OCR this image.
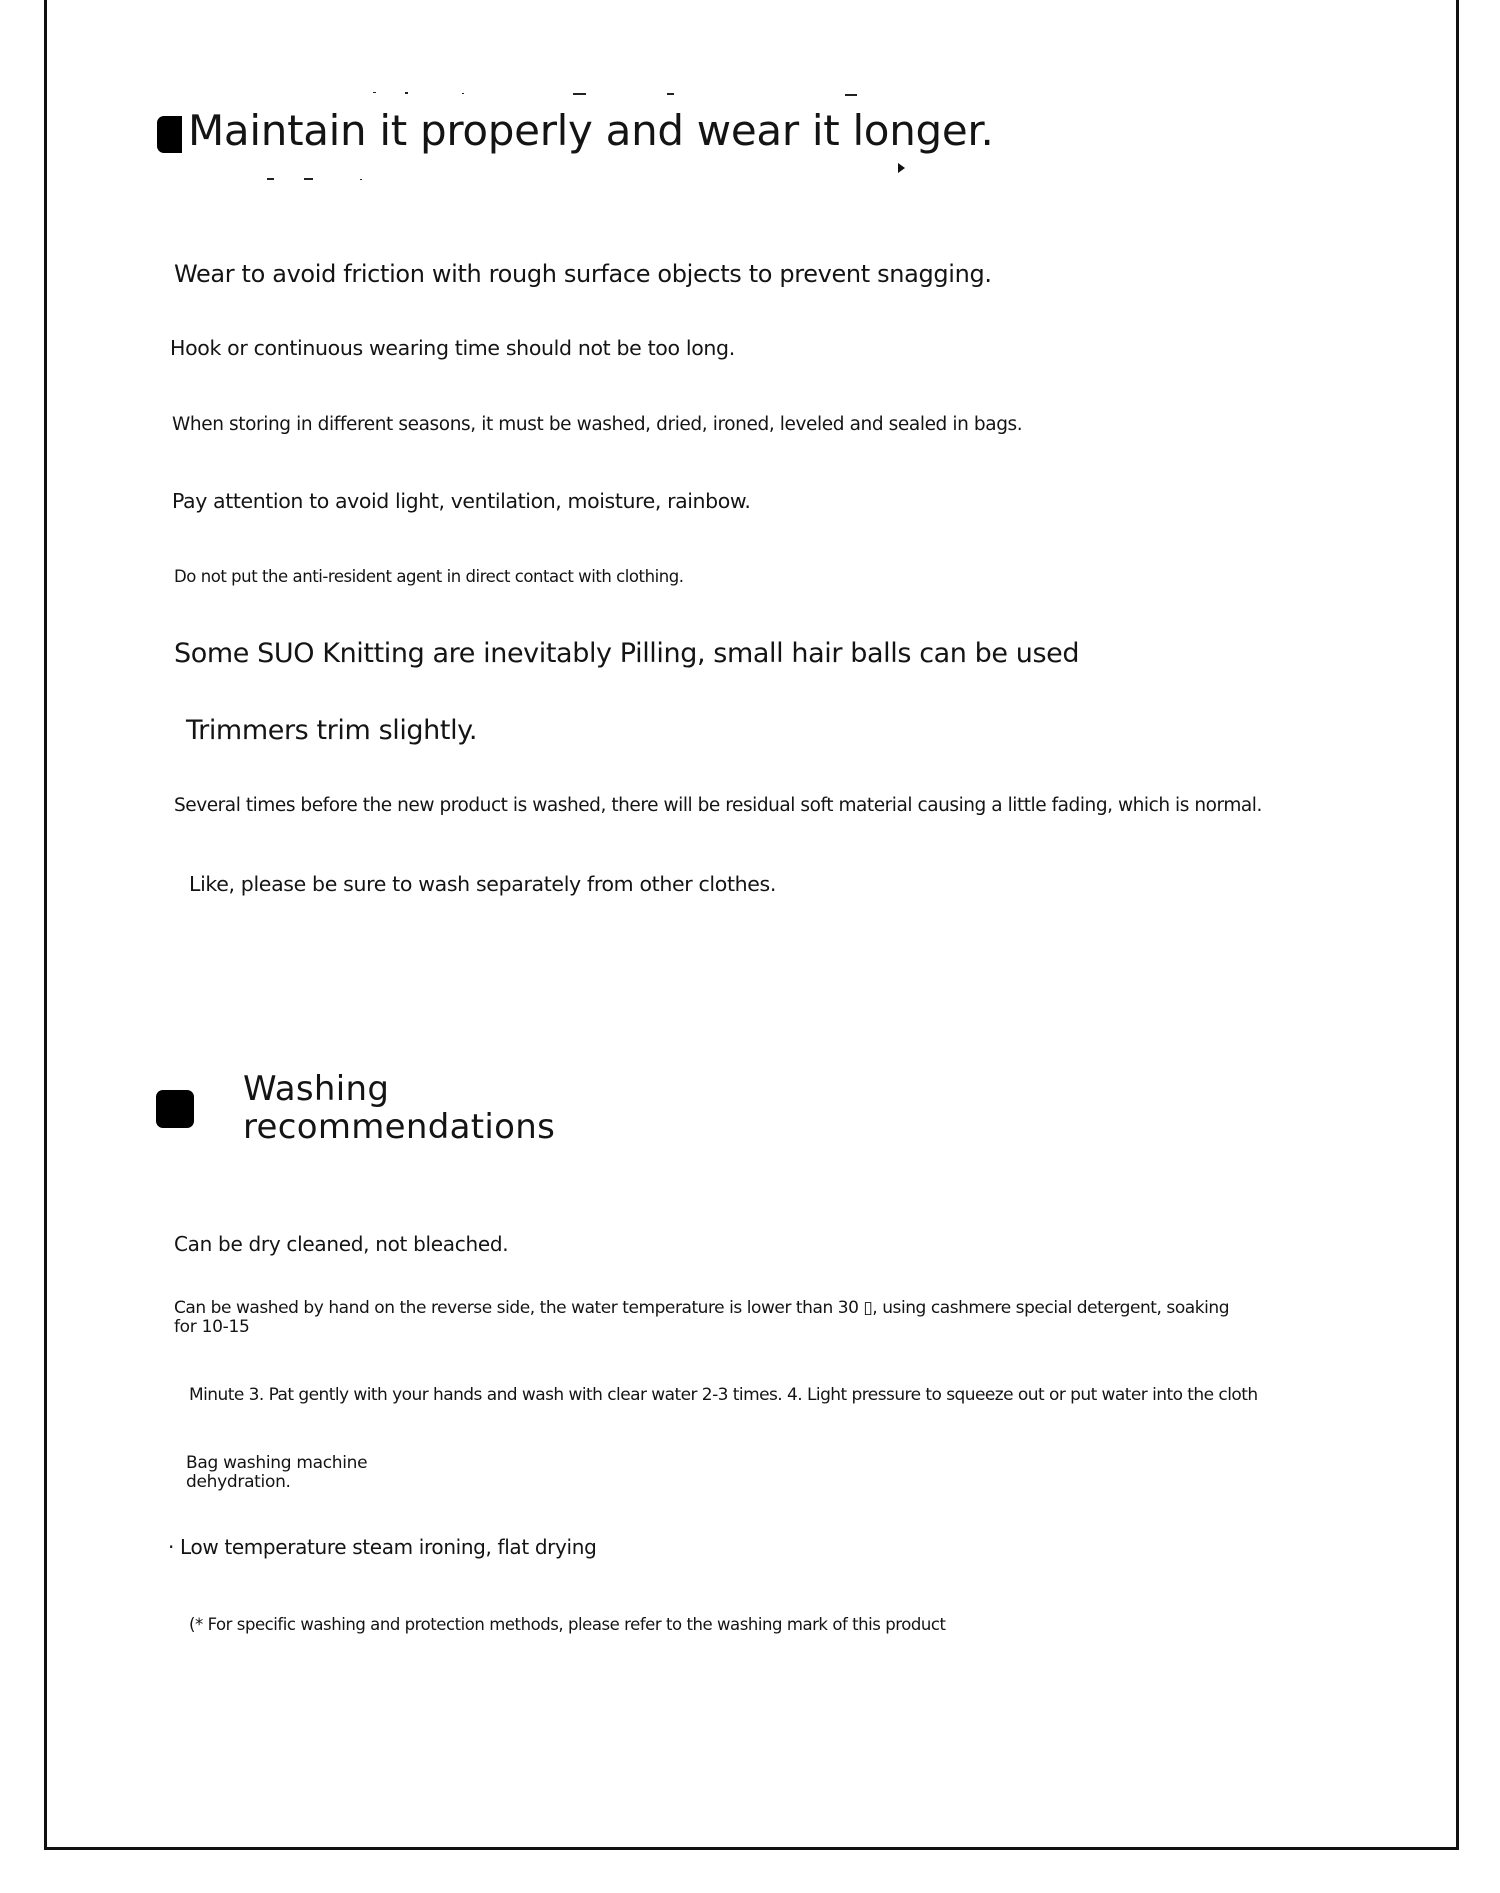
Maintain it properly and wear it longer.
Wear to avoid friction with rough surface objects to prevent snagging.
Hook or continuous wearing time should not be too long.
When storing in different seasons, it must be washed, dried, ironed, leveled and sealed in bags.
Pay attention to avoid light, ventilation, moisture, rainbow.
Do not put the anti-resident agent in direct contact with clothing.
Some SUO Knitting are inevitably Pilling, small hair balls can be used
Trimmers trim slightly.
Several times before the new product is washed, there will be residual soft material causing a little fading, which is normal.
Like, please be sure to wash separately from other clothes.
Washing
recommendations
Can be dry cleaned, not bleached.
Can be washed by hand on the reverse side, the water temperature is lower than 30 ▯, using cashmere special detergent, soaking
for 10-15
Minute 3. Pat gently with your hands and wash with clear water 2-3 times. 4. Light pressure to squeeze out or put water into the cloth
Bag washing machine
dehydration.
· Low temperature steam ironing, flat drying
(* For specific washing and protection methods, please refer to the washing mark of this product
